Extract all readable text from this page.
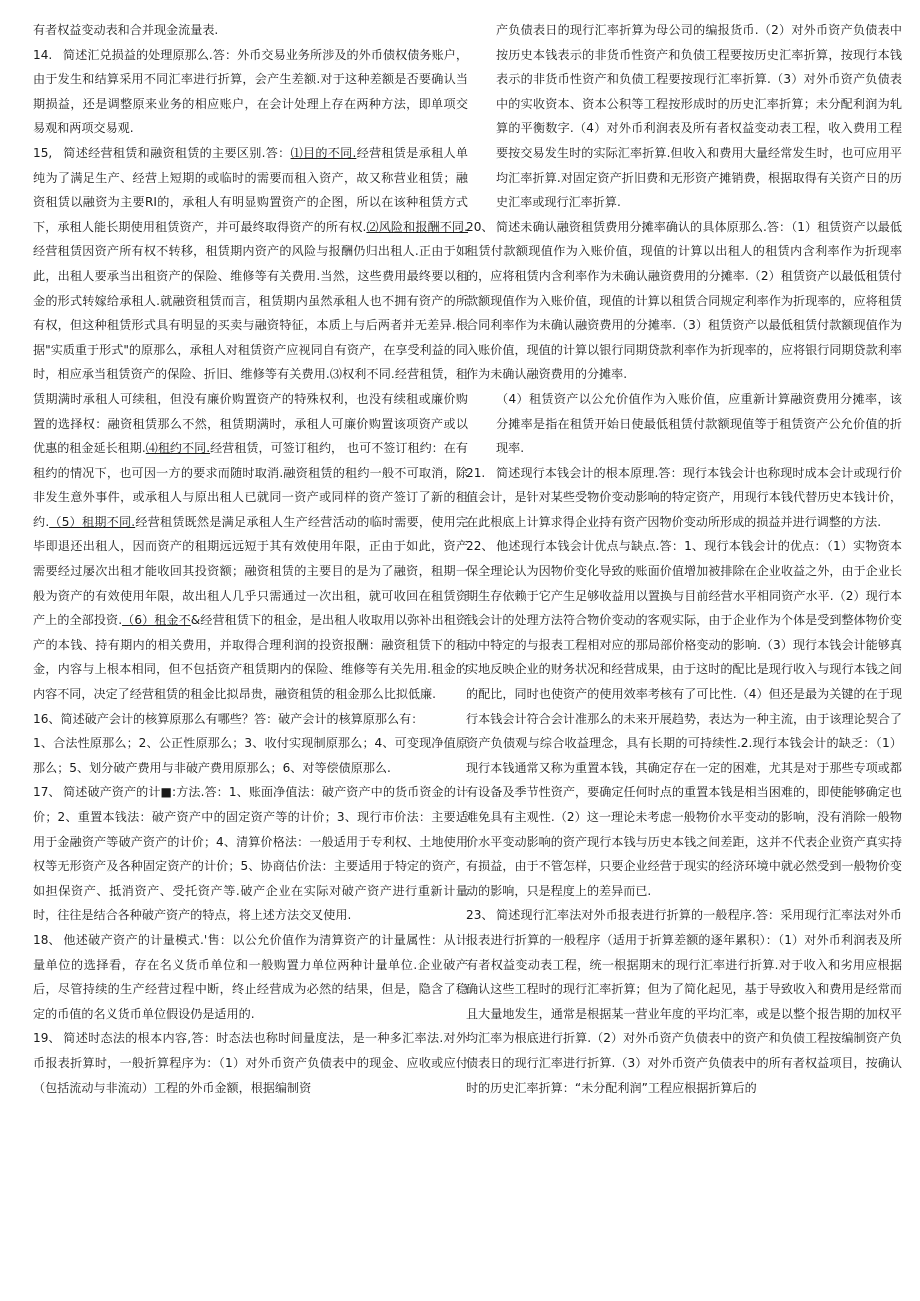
有者权益变动表和合并现金流量表.

14. 简述汇兑损益的处理原那么.答：外币交易业务所涉及的外币债权债务账户，由于发生和结算采用不同汇率进行折算，会产生差额.对于这种差额是否要确认当期损益，还是调整原来业务的相应账户，在会计处理上存在两种方法，即单项交易观和两项交易观.

15, 简述经营租赁和融资租赁的主要区别.答：⑴目的不同.经营租赁是承租人单纯为了满足生产、经营上短期的或临时的需要而租入资产，故又称营业租赁；融资租赁以融资为主要RI的，承租人有明显购置资产的企图，所以在该种租赁方式下，承租人能长期使用租赁资产，并可最终取得资产的所有权.⑵风险和报酬不同.经营租赁因资产所有权不转移，租赁期内资产的风险与报酬仍归出租人.正由于如此，出租人要承当出租资产的保险、维修等有关费用.当然，这些费用最终要以租金的形式转嫁给承租人.就融资租赁而言，租赁期内虽然承租人也不拥有资产的所有权，但这种租赁形式具有明显的买卖与融资特征，本质上与后两者并无差异.根据"实质重于形式"的原那么，承租人对租赁资产应视同自有资产，在享受利益的同时，相应承当租赁资产的保险、折旧、维修等有关费用.⑶权利不同.经营租赁，租赁期满时承租人可续租，但没有廉价购置资产的特殊权利，也没有续租或廉价购置的选择权：融资租赁那么不然，租赁期满时，承租人可廉价购置该项资产或以优惠的租金延长租期.⑷租约不同.经营租赁，可签订租约， 也可不签订租约：在有租约的情况下，也可因一方的要求而随时取消.融资租赁的租约一般不可取消，除非发生意外事件，或承租人与原出租人已就同一资产或同样的资产签订了新的租约.（5）租期不同.经营租赁既然是满足承租人生产经营活动的临时需要，使用完毕即退还出租人，因而资产的租期远远短于其有效使用年限，正由于如此，资产需要经过屡次出租才能收回其投资额；融资租赁的主要目的是为了融资，租期一般为资产的有效使用年限，故出租人几乎只需通过一次出租，就可收回在租赁资产上的全部投资.（6）租金不&经营租赁下的租金，是出租人收取用以弥补出租资产的本钱、持有期内的相关费用，并取得合理利润的投资报酬：融资租赁下的租金，内容与上根本相同，但不包括资产租赁期内的保险、维修等有关先用.租金的内容不同，决定了经营租赁的租金比拟昂贵，融资租赁的租金那么比拟低廉.

16、简述破产会计的核算原那么有哪些？答：破产会计的核算原那么有：

1、合法性原那么；2、公正性原那么；3、收付实现制原那么；4、可变现净值原那么；5、划分破产费用与非破产费用原那么；6、对等偿债原那么.

17、 简述破产资产的计■:方法.答：1、账面净值法：破产资产中的货币资金的计价；2、重置本钱法：破产资产中的固定资产等的计价；3、现行市价法：主要适用于金融资产等破产资产的计价；4、清算价格法：一般适用于专利权、土地使用权等无形资产及各种固定资产的计价；5、协商估价法：主要适用于特定的资产，如担保资产、抵消资产、受托资产等.破产企业在实际对破产资产进行重新计量时，往往是结合各种破产资产的特点，将上述方法交叉使用.

18、 他述破产资产的计量模式.'售：以公允价值作为清算资产的计量属性：从计量单位的选择看，存在名义货币单位和一般购置力单位两种计量单位.企业破产后，尽管持续的生产经营过程中断，终止经营成为必然的结果，但是，隐含了稳定的币值的名义货币单位假设仍是适用的.

19、 简述时态法的根本内容,答：时态法也称时间量度法，是一种多汇率法.对外币报表折算时，一般折算程序为：（1）对外币资产负债表中的现金、应收或应付（包括流动与非流动）工程的外币金额，根据编制资

产负债表日的现行汇率折算为母公司的编报货币.（2）对外币资产负债表中按历史本钱表示的非货币性资产和负债工程要按历史汇率折算，按现行本钱表示的非货币性资产和负债工程要按现行汇率折算.（3）对外币资产负债表中的实收资本、资本公积等工程按形成时的历史汇率折算；未分配利润为轧算的平衡数字.（4）对外币利润表及所有者权益变动表工程，收入费用工程要按交易发生时的实际汇率折算.但收入和费用大量经常发生时，也可应用平均汇率折算.对固定资产折旧费和无形资产摊销费，根据取得有关资产日的历史汇率或现行汇率折算.

20、 简述未确认融资租赁费用分摊率确认的具体原那么.答：（1）租赁资产以最低租赁付款额现值作为入账价值，现值的计算以出租人的租赁内含利率作为折现率的，应将租赁内含利率作为未确认融资费用的分摊率.（2）租赁资产以最低租赁付款额现值作为入账价值，现值的计算以租赁合同规定利率作为折现率的，应将租赁合同利率作为未确认融资费用的分摊率.（3）租赁资产以最低租赁付款额现值作为入账价值，现值的计算以银行同期贷款利率作为折现率的，应将银行同期贷款利率作为未确认融资费用的分摊率.

（4）租赁资产以公允价值作为入账价值，应重新计算融资费用分摊率，该分摊率是指在租赁开始日使最低租赁付款额现值等于租赁资产公允价值的折现率.

21. 简述现行本钱会计的根本原理.答：现行本钱会计也称现时成本会计或现行价值会计，是针对某些受物价变动影响的特定资产，用现行本钱代替历史本钱计价，在此根底上计算求得企业持有资产因物价变动所形成的损益并进行调整的方法.

22、 他述现行本钱会计优点与缺点.答：1、现行本钱会计的优点：（1）实物资本保全理论认为因物价变化导致的账面价值增加被排除在企业收益之外，由于企业长期生存依赖于它产生足够收益用以置换与目前经营水平相同资产水平.（2）现行本钱会计的处理方法符合物价变动的客观实际，由于企业作为个体是受到整体物价变动中特定的与报表工程相对应的那局部价格变动的影响.（3）现行本钱会计能够真实地反映企业的财务状况和经营成果，由于这时的配比是现行收入与现行本钱之间的配比，同时也使资产的使用效率考核有了可比性.（4）但还是最为关键的在于现行本钱会计符合会计准那么的未来开展趋势，表达为一种主流，由于该理论契合了资产负债观与综合收益理念，具有长期的可持续性.2.现行本钱会计的缺乏：（1）现行本钱通常又称为重置本钱，其确定存在一定的困难，尤其是对于那些专项或都有设备及季节性资产，要确定任何时点的重置本钱是相当困难的，即使能够确定也难免具有主观性.（2）这一理论未考虑一般物价水平变动的影响，没有消除一般物价水平变动影响的资产现行本钱与历史本钱之间差距，这并不代表企业资产真实持有损益，由于不管怎样，只要企业经营于现实的经济环境中就必然受到一般物价变动的影响，只是程度上的差异而已.

23、 简述现行汇率法对外币报表进行折算的一般程序.答：采用现行汇率法对外币报表进行折算的一般程序（适用于折算差额的逐年累积）：（1）对外币利润表及所有者权益变动表工程，统一根据期末的现行汇率进行折算.对于收入和劣用应根据确认这些工程时的现行汇率折算；但为了简化起见，基于导致收入和费用是经常而且大量地发生，通常是根据某一营业年度的平均汇率，或是以整个报告期的加权平均汇率为根底进行折算.（2）对外币资产负债表中的资产和负债工程按编制资产负债表日的现行汇率进行折算.（3）对外币资产负债表中的所有者权益项目，按确认时的历史汇率折算：“未分配利润”工程应根据折算后的
